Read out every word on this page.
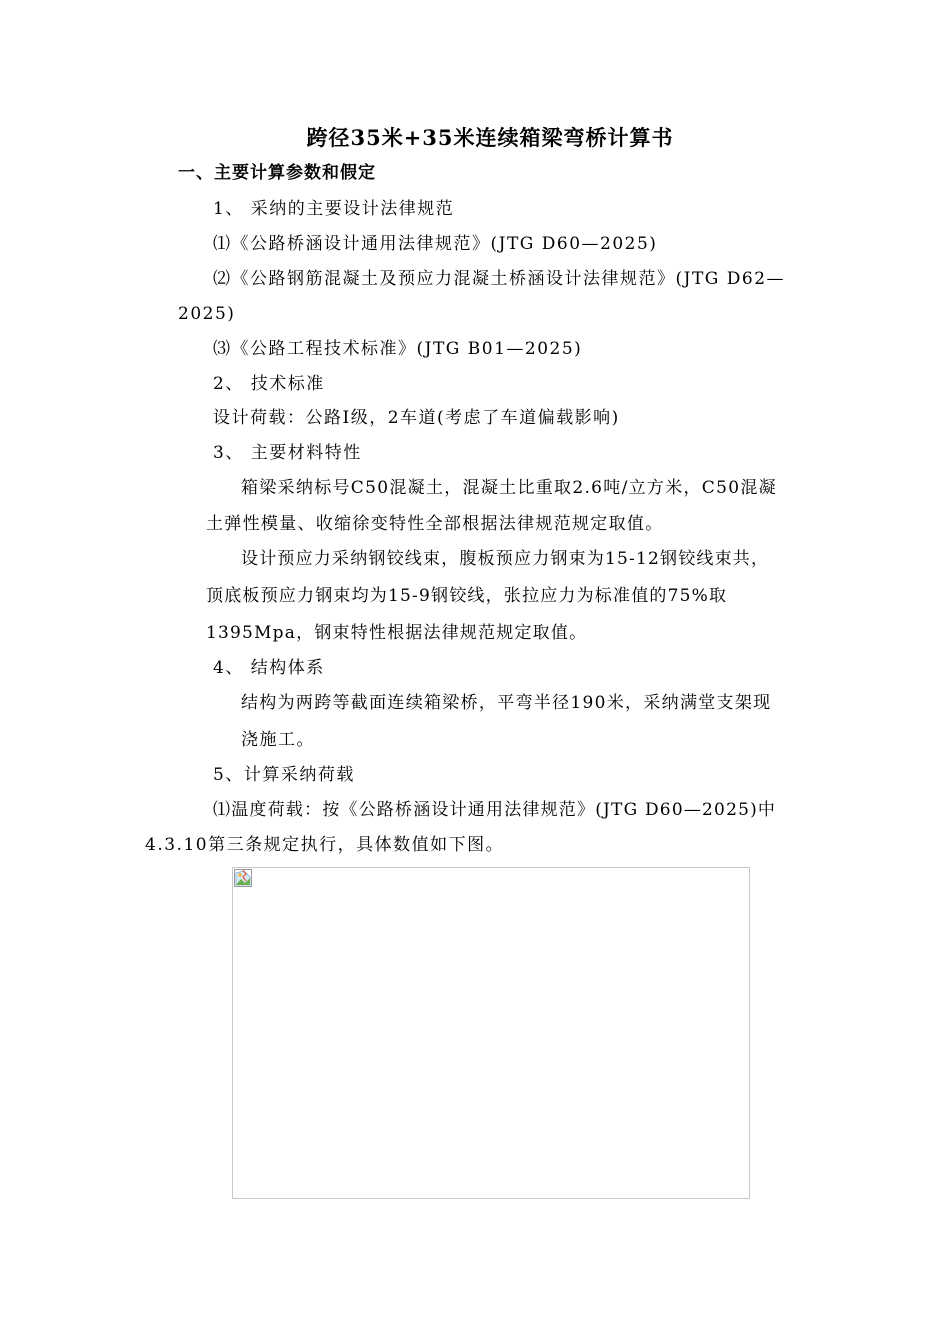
跨径35米+35米连续箱梁弯桥计算书
一、主要计算参数和假定
1、 采纳的主要设计法律规范
⑴《公路桥涵设计通用法律规范》(JTG D60—2025)
⑵《公路钢筋混凝土及预应力混凝土桥涵设计法律规范》(JTG D62—
2025)
⑶《公路工程技术标准》(JTG B01—2025)
2、 技术标准
设计荷载：公路I级，2车道(考虑了车道偏载影响)
3、 主要材料特性
箱梁采纳标号C50混凝土，混凝土比重取2.6吨/立方米，C50混凝
土弹性模量、收缩徐变特性全部根据法律规范规定取值。
设计预应力采纳钢铰线束，腹板预应力钢束为15-12钢铰线束共，
顶底板预应力钢束均为15-9钢铰线，张拉应力为标准值的75%取
1395Mpa，钢束特性根据法律规范规定取值。
4、 结构体系
结构为两跨等截面连续箱梁桥，平弯半径190米，采纳满堂支架现
浇施工。
5、计算采纳荷载
⑴温度荷载：按《公路桥涵设计通用法律规范》(JTG D60—2025)中
4.3.10第三条规定执行，具体数值如下图。
